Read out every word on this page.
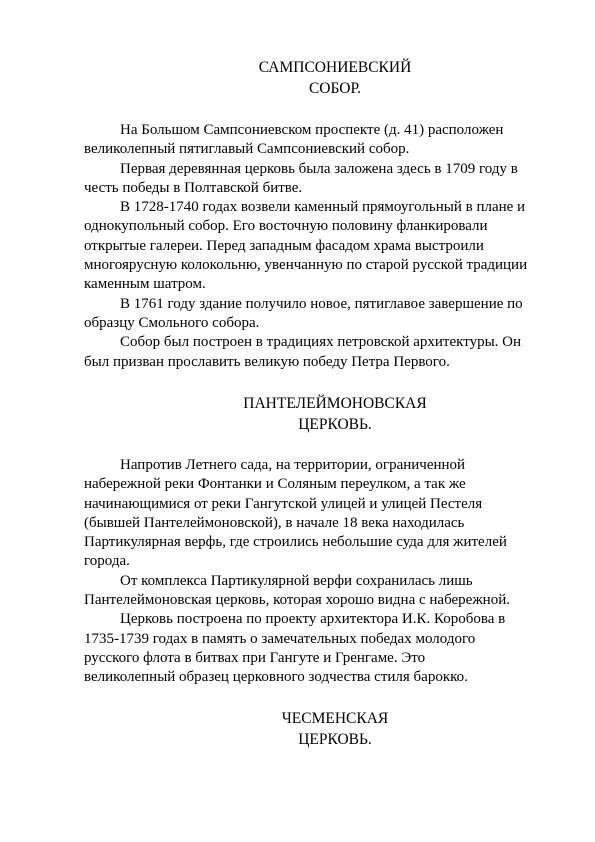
САМПСОНИЕВСКИЙ
СОБОР.

На Большом Сампсониевском проспекте (д. 41) расположен
великолепный пятиглавый Сампсониевский собор.

Первая деревянная церковь была заложена здесь в 1709 году в
честь победы в Полтавской битве.

В 1728-1740 годах возвели каменный прямоугольный в плане и
однокупольный собор. Его восточную половину фланкировали
открытые галереи. Перед западным фасадом храма выстроили
многоярусную колокольню, увенчанную по старой русской традиции
каменным шатром.

В 1761 году здание получило новое, пятиглавое завершение по
образцу Смольного собора.

Собор был построен в традициях петровской архитектуры. Он
был призван прославить великую победу Петра Первого.

ПАНТЕЛЕЙМОНОВСКАЯ
ЦЕРКОВЬ.

Напротив Летнего сада, на территории, ограниченной
набережной реки Фонтанки и Соляным переулком, а так же
начинающимися от реки Гангутской улицей и улицей Пестеля
(бывшей Пантелеймоновской), в начале 18 века находилась
Партикулярная верфь, где строились небольшие суда для жителей
города.

От комплекса Партикулярной верфи сохранилась лишь
Пантелеймоновская церковь, которая хорошо видна с набережной.

Церковь построена по проекту архитектора И.К. Коробова в
1735-1739 годах в память о замечательных победах молодого
русского флота в битвах при Гангуте и Гренгаме. Это
великолепный образец церковного зодчества стиля барокко.

ЧЕСМЕНСКАЯ
ЦЕРКОВЬ.
